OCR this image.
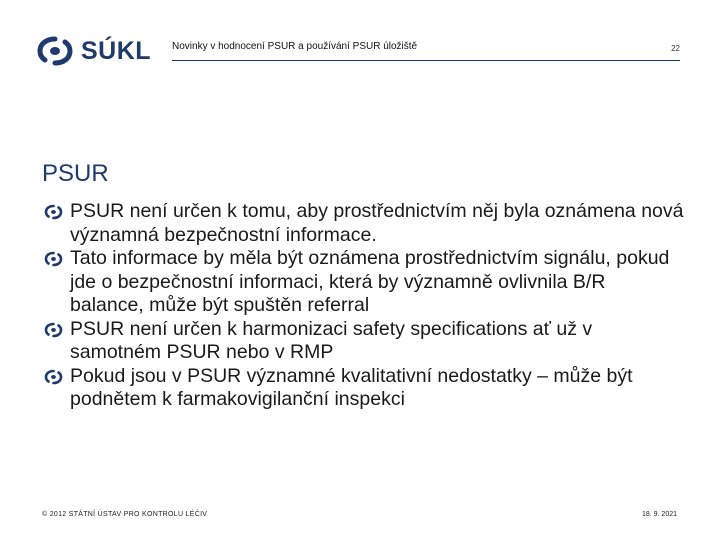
SÚKL Novinky v hodnocení PSUR a používání PSUR úložiště	22
PSUR
PSUR není určen k tomu, aby prostřednictvím něj byla oznámena nová významná bezpečnostní informace.
Tato informace by měla být oznámena prostřednictvím signálu, pokud jde o bezpečnostní informaci, která by významně ovlivnila B/R balance, může být spuštěn referral
PSUR není určen k harmonizaci safety specifications ať už v samotném PSUR nebo v RMP
Pokud jsou v PSUR významné kvalitativní nedostatky – může být podnětem k farmakovigilanční inspekci
© 2012 STÁTNÍ ÚSTAV PRO KONTROLU LÉČIV	18. 9. 2021
